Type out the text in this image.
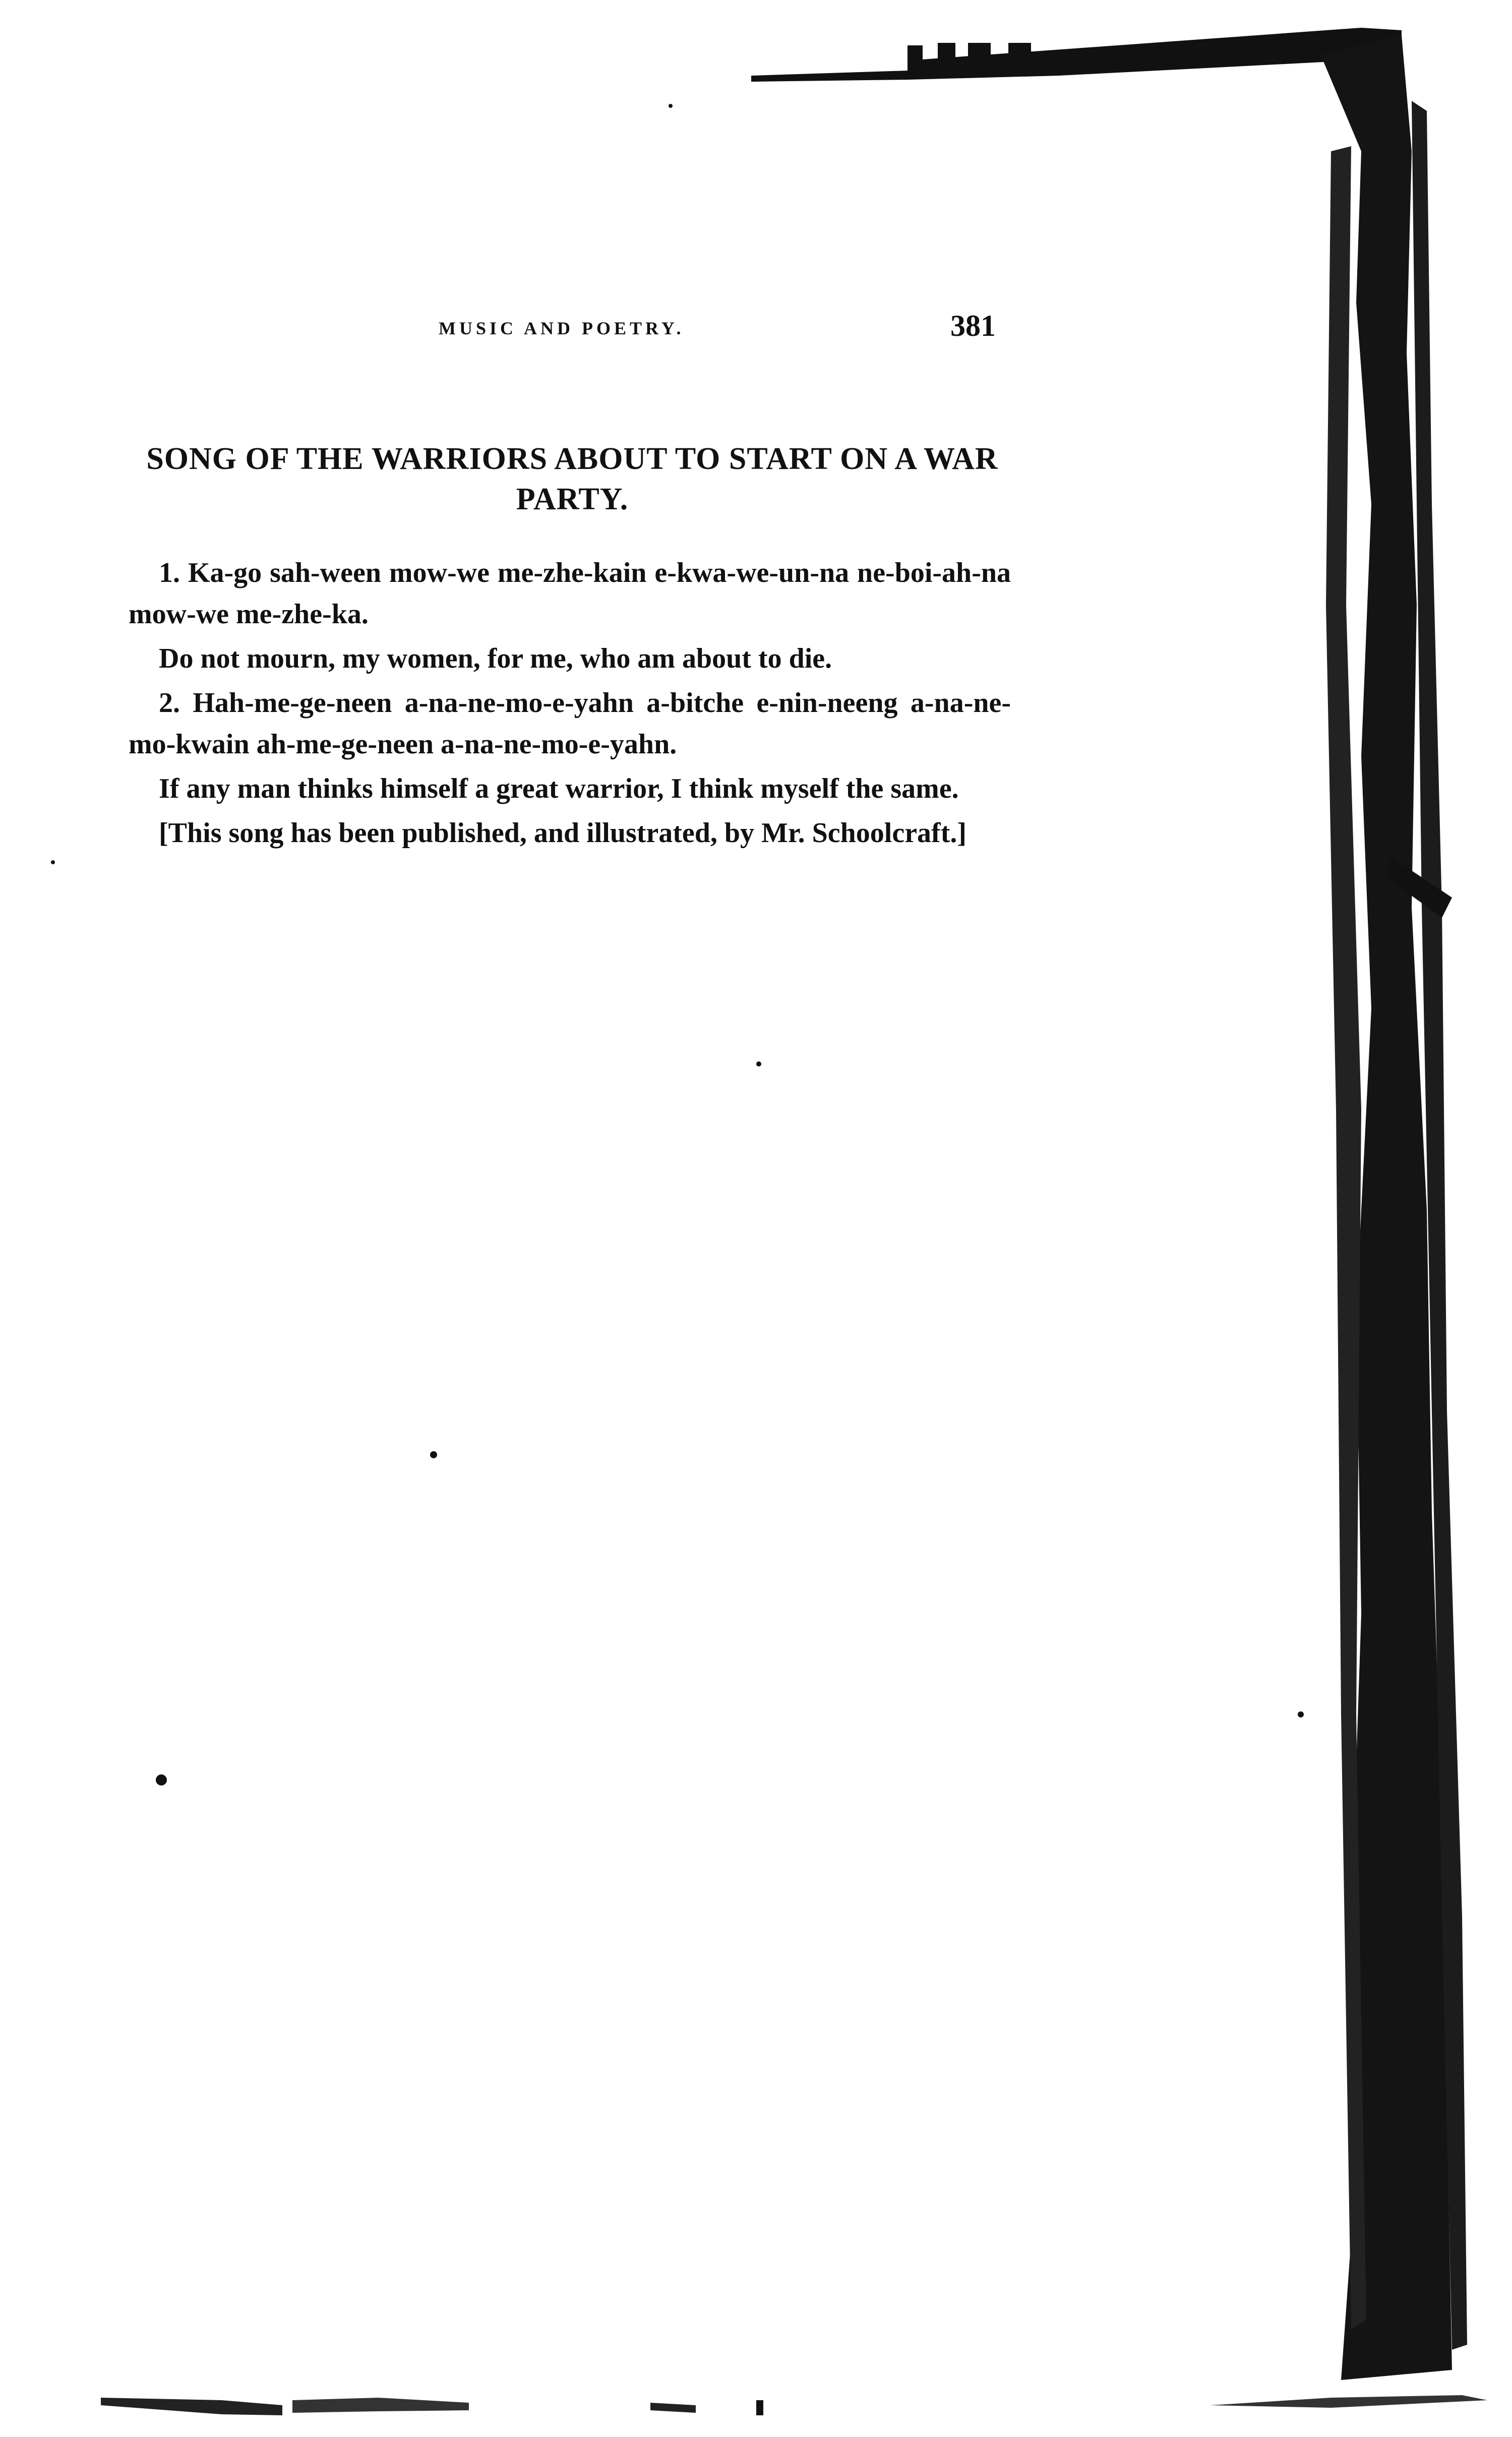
MUSIC AND POETRY.	381
SONG OF THE WARRIORS ABOUT TO START ON A WAR PARTY.

1. Ka-go sah-ween mow-we me-zhe-kain e-kwa-we-un-na ne-boi-ah-na mow-we me-zhe-ka.

Do not mourn, my women, for me, who am about to die.

2. Hah-me-ge-neen a-na-ne-mo-e-yahn a-bitche e-nin-neeng a-na-ne-mo-kwain ah-me-ge-neen a-na-ne-mo-e-yahn.

If any man thinks himself a great warrior, I think myself the same.

[This song has been published, and illustrated, by Mr. Schoolcraft.]
